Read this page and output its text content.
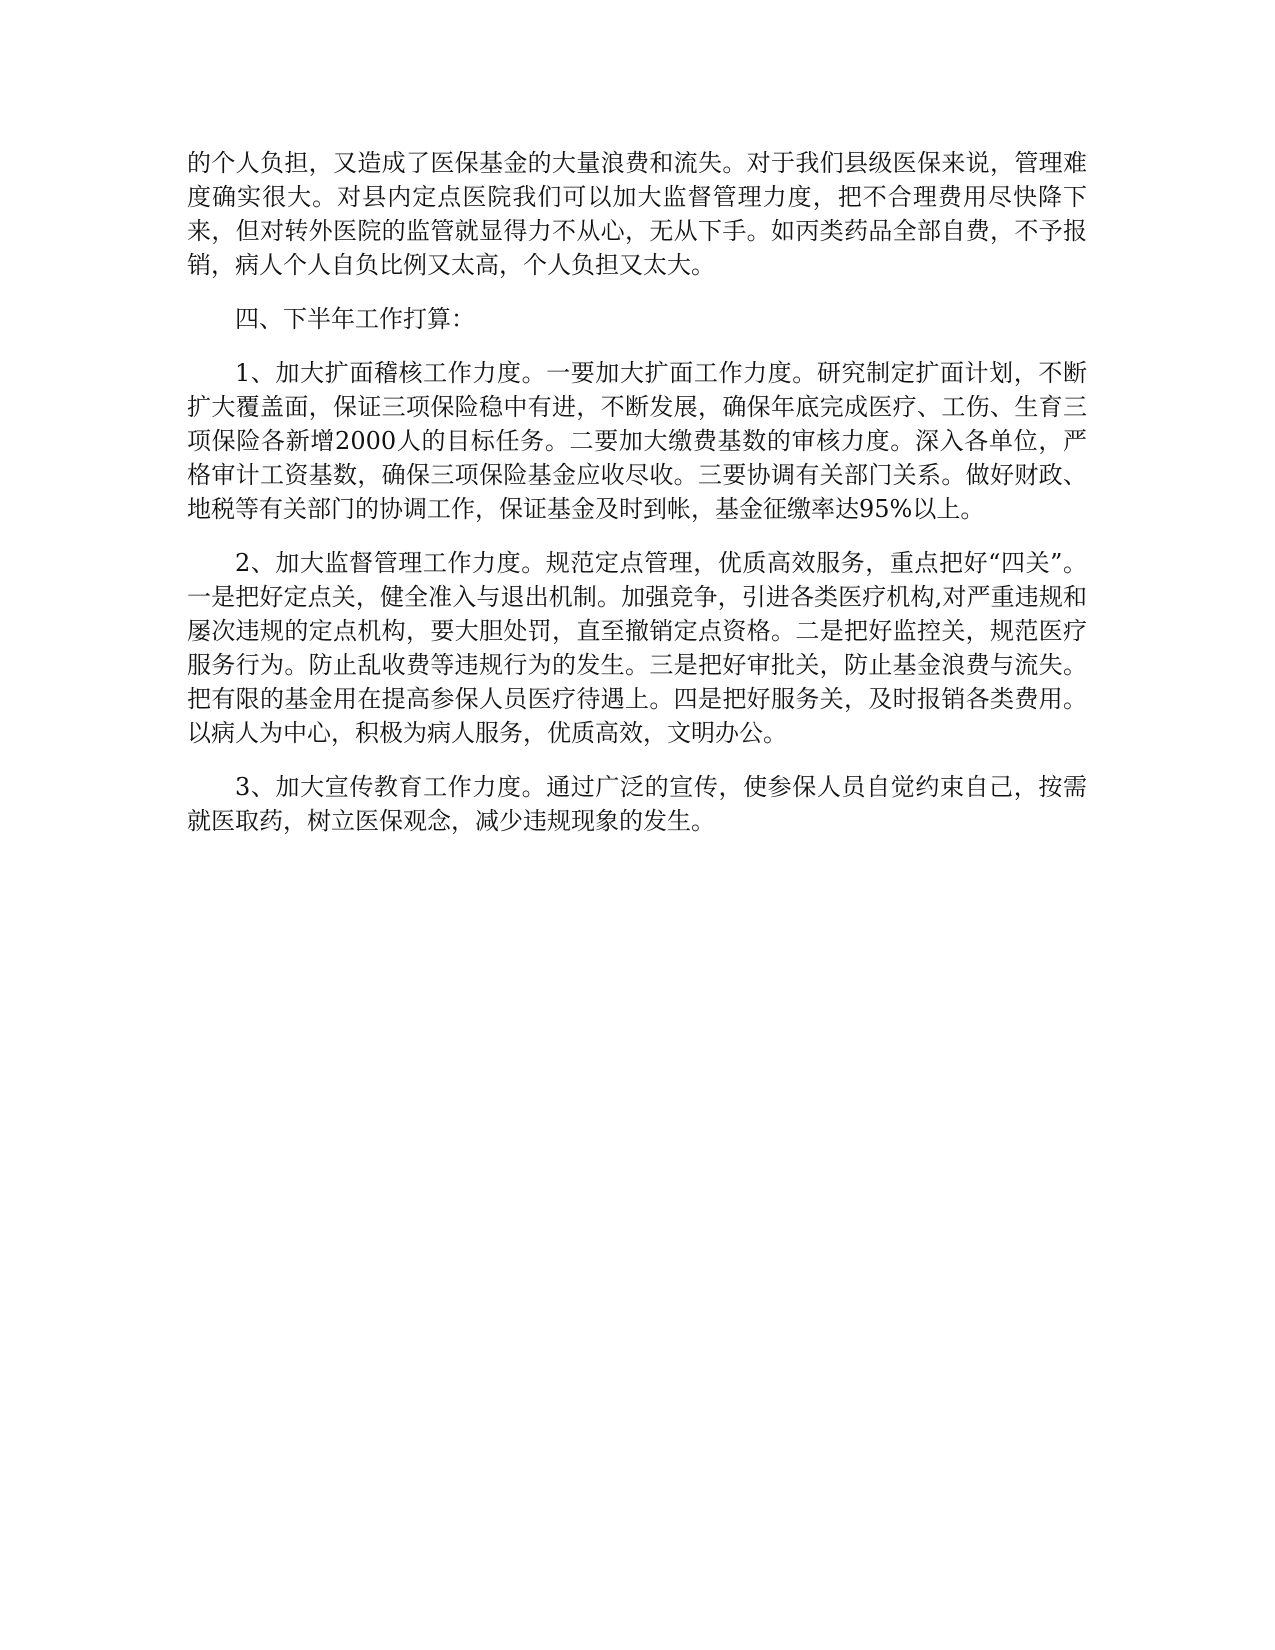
的个人负担，又造成了医保基金的大量浪费和流失。对于我们县级医保来说，管理难度确实很大。对县内定点医院我们可以加大监督管理力度，把不合理费用尽快降下来，但对转外医院的监管就显得力不从心，无从下手。如丙类药品全部自费，不予报销，病人个人自负比例又太高，个人负担又太大。

四、下半年工作打算：

1、加大扩面稽核工作力度。一要加大扩面工作力度。研究制定扩面计划，不断扩大覆盖面，保证三项保险稳中有进，不断发展，确保年底完成医疗、工伤、生育三项保险各新增2000人的目标任务。二要加大缴费基数的审核力度。深入各单位，严格审计工资基数，确保三项保险基金应收尽收。三要协调有关部门关系。做好财政、地税等有关部门的协调工作，保证基金及时到帐，基金征缴率达95%以上。

2、加大监督管理工作力度。规范定点管理，优质高效服务，重点把好“四关”。一是把好定点关，健全准入与退出机制。加强竞争，引进各类医疗机构,对严重违规和屡次违规的定点机构，要大胆处罚，直至撤销定点资格。二是把好监控关，规范医疗服务行为。防止乱收费等违规行为的发生。三是把好审批关，防止基金浪费与流失。把有限的基金用在提高参保人员医疗待遇上。四是把好服务关，及时报销各类费用。以病人为中心，积极为病人服务，优质高效，文明办公。

3、加大宣传教育工作力度。通过广泛的宣传，使参保人员自觉约束自己，按需就医取药，树立医保观念，减少违规现象的发生。
